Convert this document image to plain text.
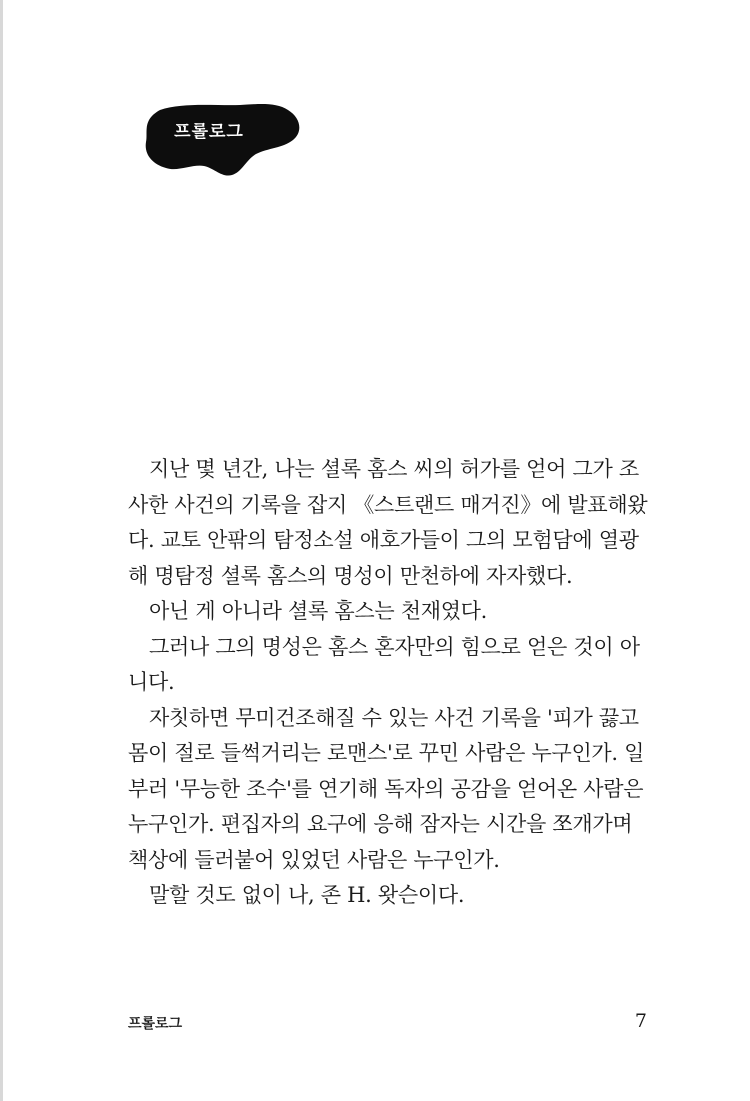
프롤로그

지난 몇 년간, 나는 셜록 홈스 씨의 허가를 얻어 그가 조사한 사건의 기록을 잡지 《스트랜드 매거진》에 발표해왔다. 교토 안팎의 탐정소설 애호가들이 그의 모험담에 열광해 명탐정 셜록 홈스의 명성이 만천하에 자자했다.

아닌 게 아니라 셜록 홈스는 천재였다.

그러나 그의 명성은 홈스 혼자만의 힘으로 얻은 것이 아니다.

자칫하면 무미건조해질 수 있는 사건 기록을 '피가 끓고 몸이 절로 들썩거리는 로맨스'로 꾸민 사람은 누구인가. 일부러 '무능한 조수'를 연기해 독자의 공감을 얻어온 사람은 누구인가. 편집자의 요구에 응해 잠자는 시간을 쪼개가며 책상에 들러붙어 있었던 사람은 누구인가.

말할 것도 없이 나, 존 H. 왓슨이다.

프롤로그	7
